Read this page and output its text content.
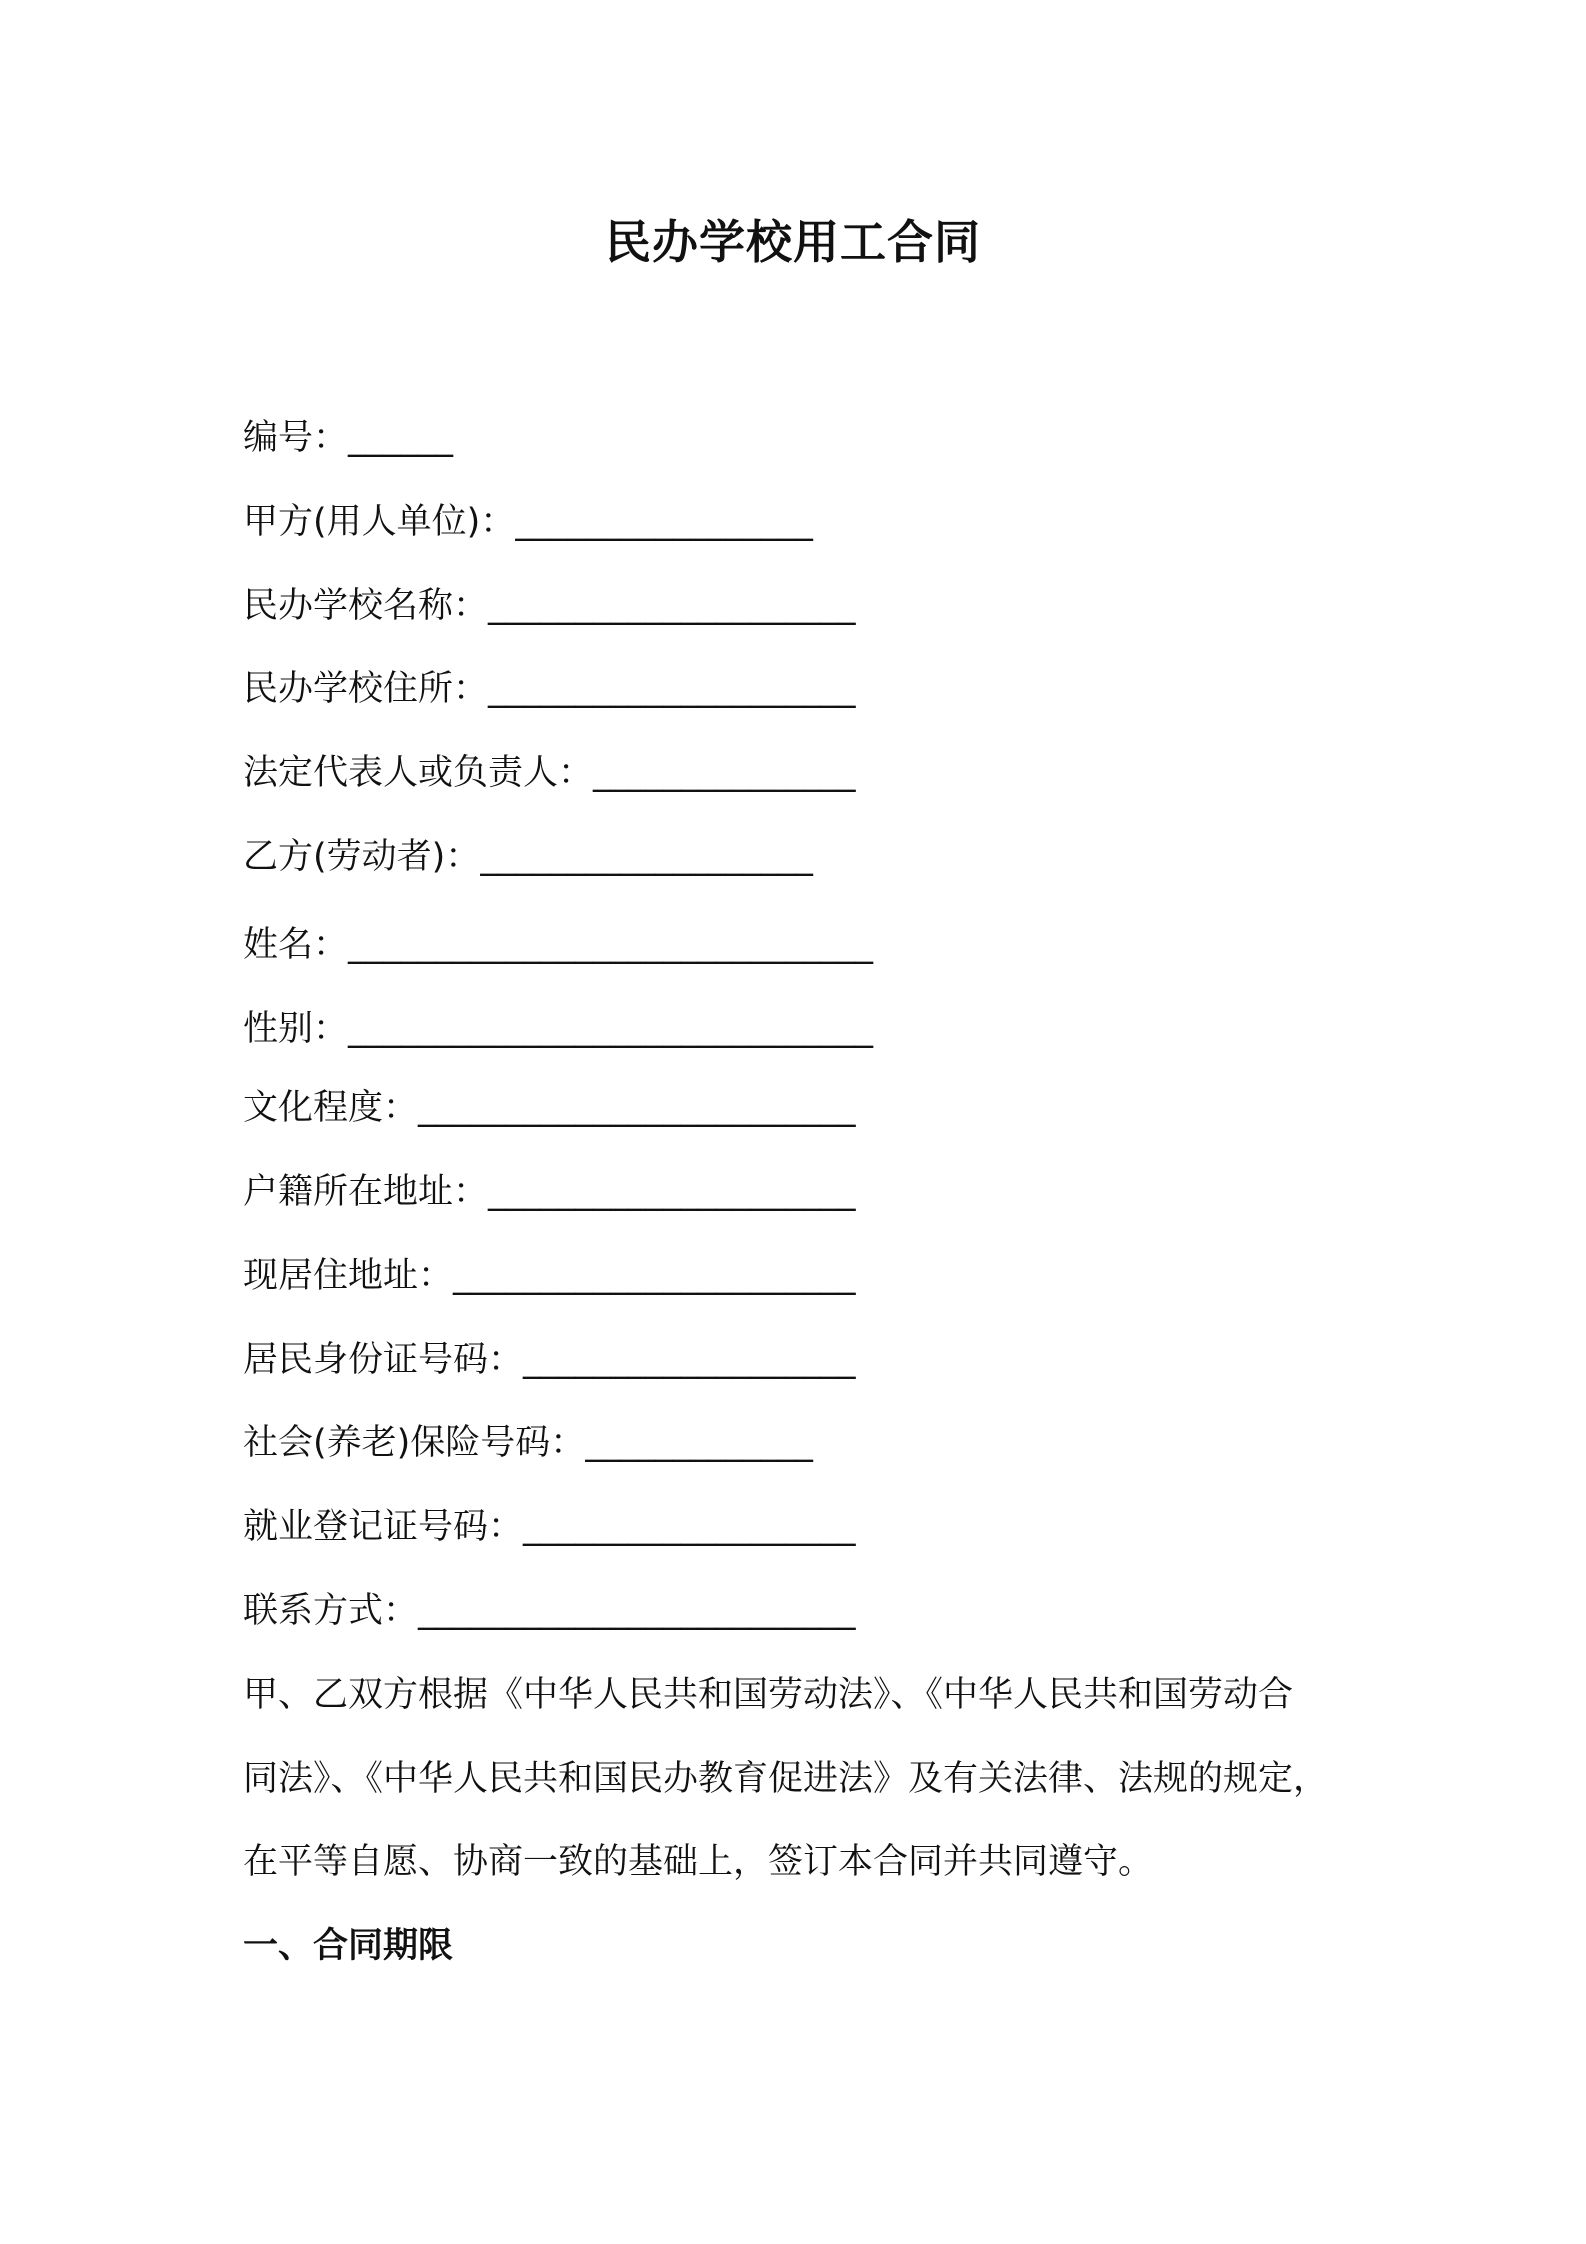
民办学校用工合同
编号：______
甲方(用人单位)：_________________
民办学校名称：_____________________
民办学校住所：_____________________
法定代表人或负责人：_______________
乙方(劳动者)：___________________
姓名：______________________________
性别：______________________________
文化程度：_________________________
户籍所在地址：_____________________
现居住地址：_______________________
居民身份证号码：___________________
社会(养老)保险号码：_____________
就业登记证号码：___________________
联系方式：_________________________
甲、乙双方根据《中华人民共和国劳动法》、《中华人民共和国劳动合
同法》、《中华人民共和国民办教育促进法》及有关法律、法规的规定，
在平等自愿、协商一致的基础上，签订本合同并共同遵守。
一、合同期限
